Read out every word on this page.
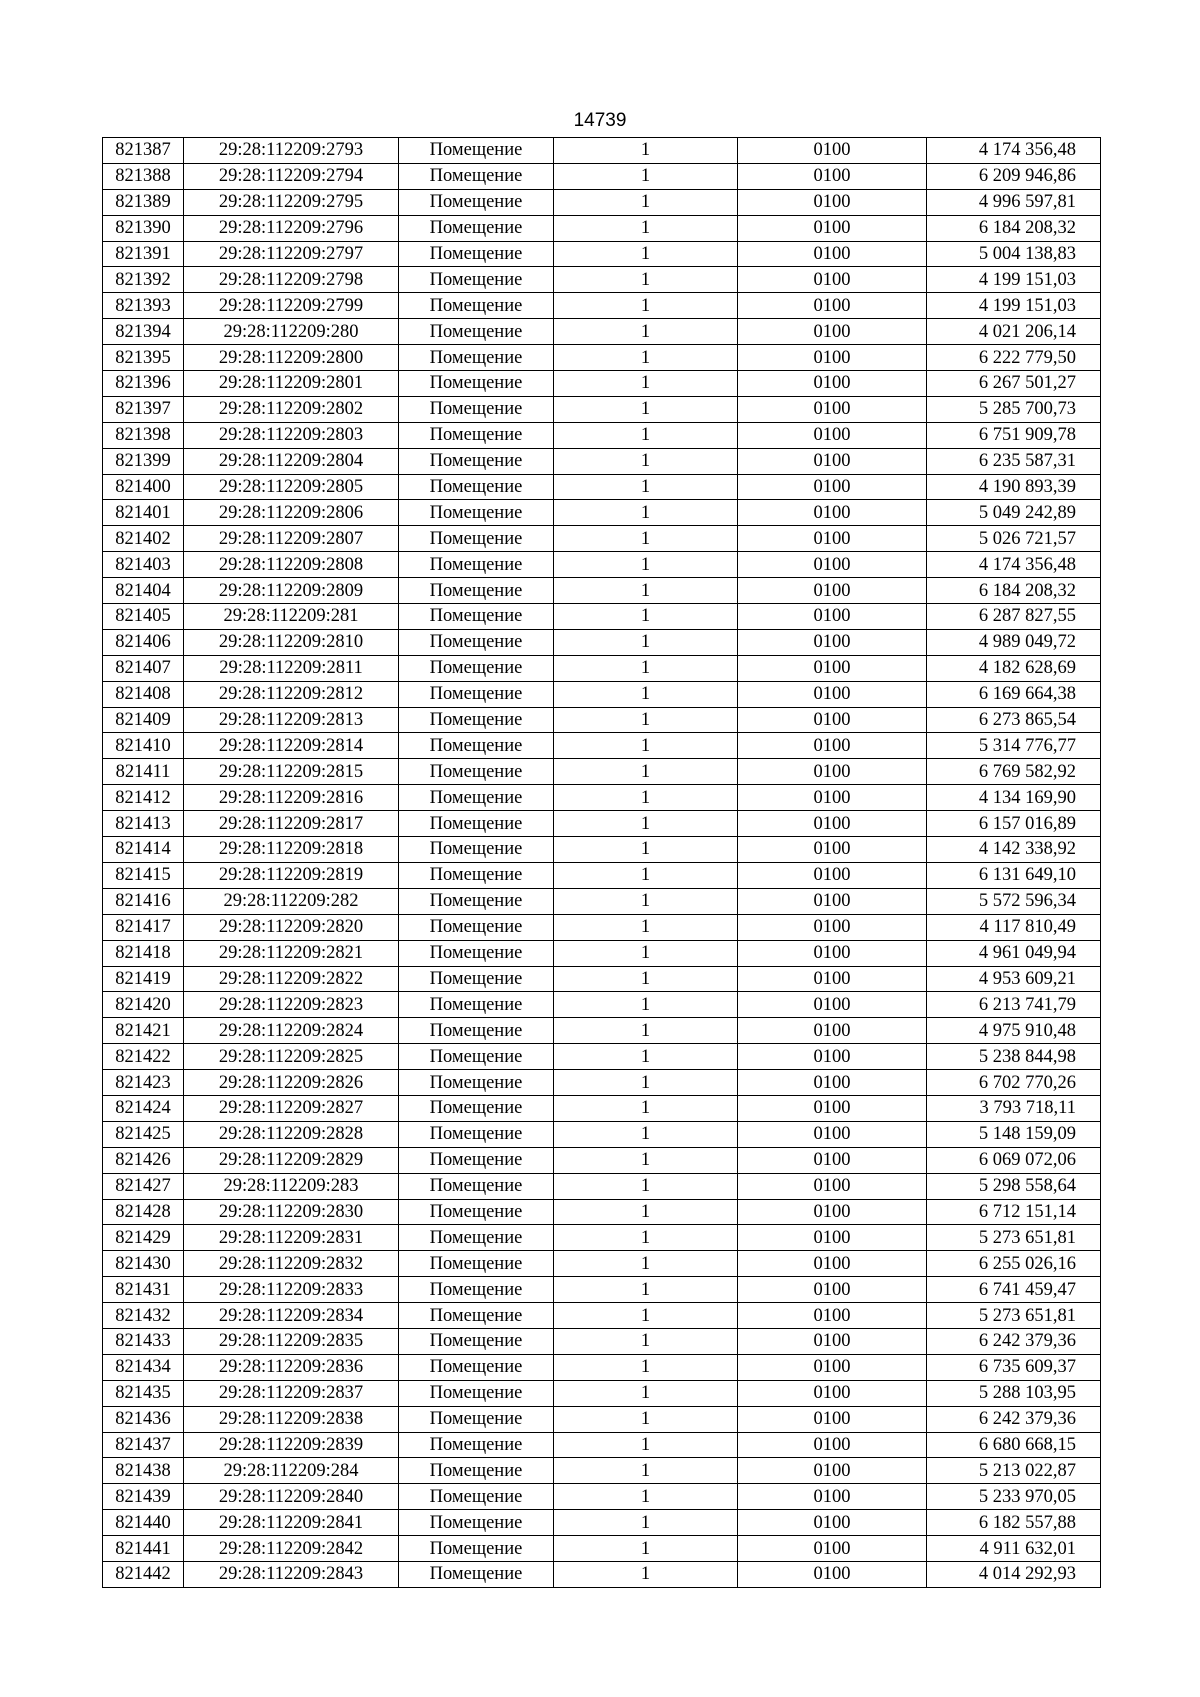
14739
821387	29:28:112209:2793	Помещение	1	0100	4 174 356,48
821388	29:28:112209:2794	Помещение	1	0100	6 209 946,86
821389	29:28:112209:2795	Помещение	1	0100	4 996 597,81
821390	29:28:112209:2796	Помещение	1	0100	6 184 208,32
821391	29:28:112209:2797	Помещение	1	0100	5 004 138,83
821392	29:28:112209:2798	Помещение	1	0100	4 199 151,03
821393	29:28:112209:2799	Помещение	1	0100	4 199 151,03
821394	29:28:112209:280	Помещение	1	0100	4 021 206,14
821395	29:28:112209:2800	Помещение	1	0100	6 222 779,50
821396	29:28:112209:2801	Помещение	1	0100	6 267 501,27
821397	29:28:112209:2802	Помещение	1	0100	5 285 700,73
821398	29:28:112209:2803	Помещение	1	0100	6 751 909,78
821399	29:28:112209:2804	Помещение	1	0100	6 235 587,31
821400	29:28:112209:2805	Помещение	1	0100	4 190 893,39
821401	29:28:112209:2806	Помещение	1	0100	5 049 242,89
821402	29:28:112209:2807	Помещение	1	0100	5 026 721,57
821403	29:28:112209:2808	Помещение	1	0100	4 174 356,48
821404	29:28:112209:2809	Помещение	1	0100	6 184 208,32
821405	29:28:112209:281	Помещение	1	0100	6 287 827,55
821406	29:28:112209:2810	Помещение	1	0100	4 989 049,72
821407	29:28:112209:2811	Помещение	1	0100	4 182 628,69
821408	29:28:112209:2812	Помещение	1	0100	6 169 664,38
821409	29:28:112209:2813	Помещение	1	0100	6 273 865,54
821410	29:28:112209:2814	Помещение	1	0100	5 314 776,77
821411	29:28:112209:2815	Помещение	1	0100	6 769 582,92
821412	29:28:112209:2816	Помещение	1	0100	4 134 169,90
821413	29:28:112209:2817	Помещение	1	0100	6 157 016,89
821414	29:28:112209:2818	Помещение	1	0100	4 142 338,92
821415	29:28:112209:2819	Помещение	1	0100	6 131 649,10
821416	29:28:112209:282	Помещение	1	0100	5 572 596,34
821417	29:28:112209:2820	Помещение	1	0100	4 117 810,49
821418	29:28:112209:2821	Помещение	1	0100	4 961 049,94
821419	29:28:112209:2822	Помещение	1	0100	4 953 609,21
821420	29:28:112209:2823	Помещение	1	0100	6 213 741,79
821421	29:28:112209:2824	Помещение	1	0100	4 975 910,48
821422	29:28:112209:2825	Помещение	1	0100	5 238 844,98
821423	29:28:112209:2826	Помещение	1	0100	6 702 770,26
821424	29:28:112209:2827	Помещение	1	0100	3 793 718,11
821425	29:28:112209:2828	Помещение	1	0100	5 148 159,09
821426	29:28:112209:2829	Помещение	1	0100	6 069 072,06
821427	29:28:112209:283	Помещение	1	0100	5 298 558,64
821428	29:28:112209:2830	Помещение	1	0100	6 712 151,14
821429	29:28:112209:2831	Помещение	1	0100	5 273 651,81
821430	29:28:112209:2832	Помещение	1	0100	6 255 026,16
821431	29:28:112209:2833	Помещение	1	0100	6 741 459,47
821432	29:28:112209:2834	Помещение	1	0100	5 273 651,81
821433	29:28:112209:2835	Помещение	1	0100	6 242 379,36
821434	29:28:112209:2836	Помещение	1	0100	6 735 609,37
821435	29:28:112209:2837	Помещение	1	0100	5 288 103,95
821436	29:28:112209:2838	Помещение	1	0100	6 242 379,36
821437	29:28:112209:2839	Помещение	1	0100	6 680 668,15
821438	29:28:112209:284	Помещение	1	0100	5 213 022,87
821439	29:28:112209:2840	Помещение	1	0100	5 233 970,05
821440	29:28:112209:2841	Помещение	1	0100	6 182 557,88
821441	29:28:112209:2842	Помещение	1	0100	4 911 632,01
821442	29:28:112209:2843	Помещение	1	0100	4 014 292,93
